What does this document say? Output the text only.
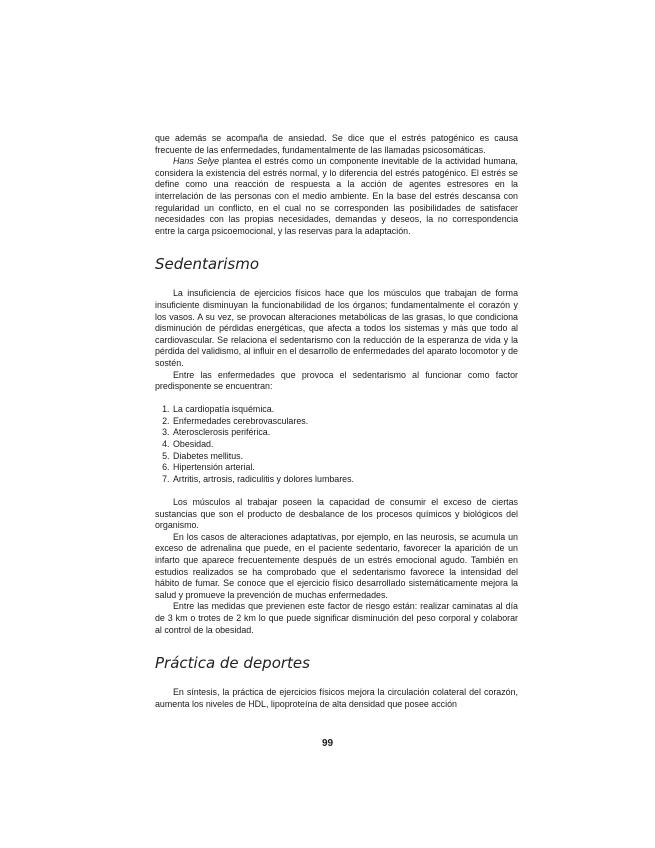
que además se acompaña de ansiedad. Se dice que el estrés patogénico es causa frecuente de las enfermedades, fundamentalmente de las llamadas psicosomáticas.

Hans Selye plantea el estrés como un componente inevitable de la actividad humana, considera la existencia del estrés normal, y lo diferencia del estrés patogénico. El estrés se define como una reacción de respuesta a la acción de agentes estresores en la interrelación de las personas con el medio ambiente. En la base del estrés descansa con regularidad un conflicto, en el cual no se corresponden las posibilidades de satisfacer necesidades con las propias necesidades, demandas y deseos, la no correspondencia entre la carga psicoemocional, y las reservas para la adaptación.

Sedentarismo

La insuficiencia de ejercicios físicos hace que los músculos que trabajan de forma insuficiente disminuyan la funcionabilidad de los órganos; fundamentalmente el corazón y los vasos. A su vez, se provocan alteraciones metabólicas de las grasas, lo que condiciona disminución de pérdidas energéticas, que afecta a todos los sistemas y más que todo al cardiovascular. Se relaciona el sedentarismo con la reducción de la esperanza de vida y la pérdida del validismo, al influir en el desarrollo de enfermedades del aparato locomotor y de sostén.

Entre las enfermedades que provoca el sedentarismo al funcionar como factor predisponente se encuentran:

1. La cardiopatía isquémica.
2. Enfermedades cerebrovasculares.
3. Aterosclerosis periférica.
4. Obesidad.
5. Diabetes mellitus.
6. Hipertensión arterial.
7. Artritis, artrosis, radiculitis y dolores lumbares.

Los músculos al trabajar poseen la capacidad de consumir el exceso de ciertas sustancias que son el producto de desbalance de los procesos químicos y biológicos del organismo.

En los casos de alteraciones adaptativas, por ejemplo, en las neurosis, se acumula un exceso de adrenalina que puede, en el paciente sedentario, favorecer la aparición de un infarto que aparece frecuentemente después de un estrés emocional agudo. También en estudios realizados se ha comprobado que el sedentarismo favorece la intensidad del hábito de fumar. Se conoce que el ejercicio físico desarrollado sistemáticamente mejora la salud y promueve la prevención de muchas enfermedades.

Entre las medidas que previenen este factor de riesgo están: realizar caminatas al día de 3 km o trotes de 2 km lo que puede significar disminución del peso corporal y colaborar al control de la obesidad.

Práctica de deportes

En síntesis, la práctica de ejercicios físicos mejora la circulación colateral del corazón, aumenta los niveles de HDL, lipoproteína de alta densidad que posee acción

99
